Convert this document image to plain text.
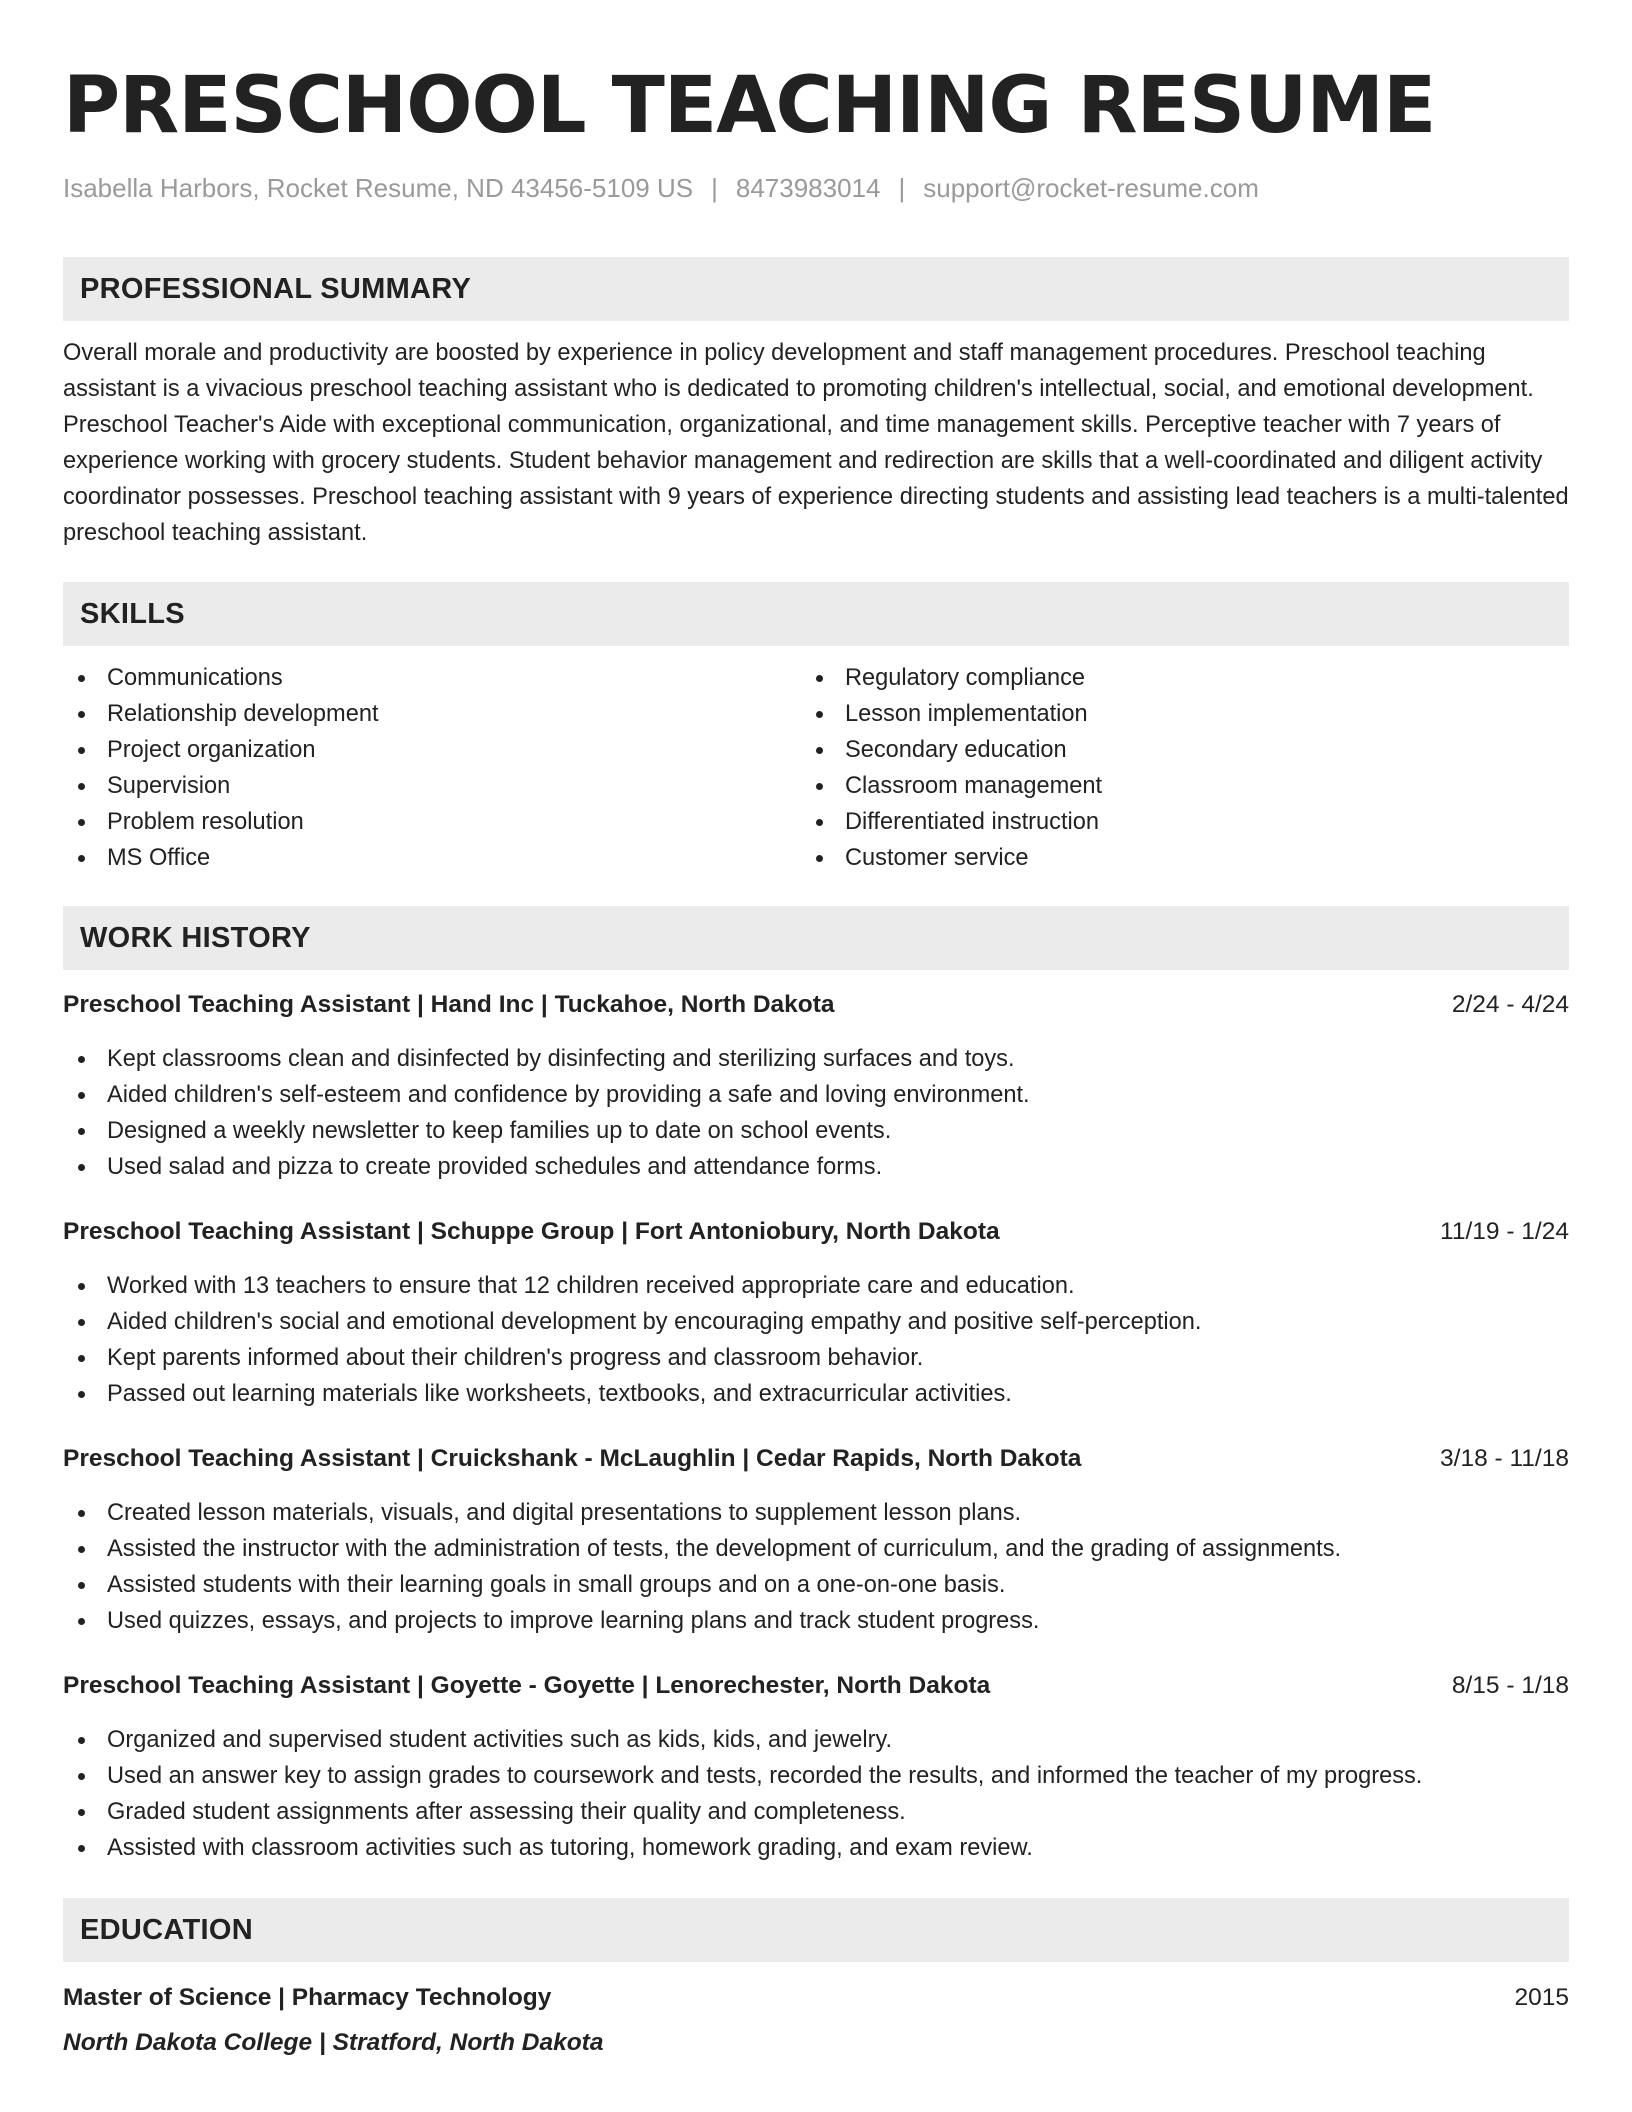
PRESCHOOL TEACHING RESUME
Isabella Harbors, Rocket Resume, ND 43456-5109 US | 8473983014 | support@rocket-resume.com
PROFESSIONAL SUMMARY

Overall morale and productivity are boosted by experience in policy development and staff management procedures. Preschool teaching assistant is a vivacious preschool teaching assistant who is dedicated to promoting children's intellectual, social, and emotional development. Preschool Teacher's Aide with exceptional communication, organizational, and time management skills. Perceptive teacher with 7 years of experience working with grocery students. Student behavior management and redirection are skills that a well-coordinated and diligent activity coordinator possesses. Preschool teaching assistant with 9 years of experience directing students and assisting lead teachers is a multi-talented preschool teaching assistant.

SKILLS
Communications
Relationship development
Project organization
Supervision
Problem resolution
MS Office
Regulatory compliance
Lesson implementation
Secondary education
Classroom management
Differentiated instruction
Customer service
WORK HISTORY
Preschool Teaching Assistant | Hand Inc | Tuckahoe, North Dakota	2/24 - 4/24
Kept classrooms clean and disinfected by disinfecting and sterilizing surfaces and toys.
Aided children's self-esteem and confidence by providing a safe and loving environment.
Designed a weekly newsletter to keep families up to date on school events.
Used salad and pizza to create provided schedules and attendance forms.
Preschool Teaching Assistant | Schuppe Group | Fort Antoniobury, North Dakota	11/19 - 1/24
Worked with 13 teachers to ensure that 12 children received appropriate care and education.
Aided children's social and emotional development by encouraging empathy and positive self-perception.
Kept parents informed about their children's progress and classroom behavior.
Passed out learning materials like worksheets, textbooks, and extracurricular activities.
Preschool Teaching Assistant | Cruickshank - McLaughlin | Cedar Rapids, North Dakota	3/18 - 11/18
Created lesson materials, visuals, and digital presentations to supplement lesson plans.
Assisted the instructor with the administration of tests, the development of curriculum, and the grading of assignments.
Assisted students with their learning goals in small groups and on a one-on-one basis.
Used quizzes, essays, and projects to improve learning plans and track student progress.
Preschool Teaching Assistant | Goyette - Goyette | Lenorechester, North Dakota	8/15 - 1/18
Organized and supervised student activities such as kids, kids, and jewelry.
Used an answer key to assign grades to coursework and tests, recorded the results, and informed the teacher of my progress.
Graded student assignments after assessing their quality and completeness.
Assisted with classroom activities such as tutoring, homework grading, and exam review.
EDUCATION
Master of Science | Pharmacy Technology	2015
North Dakota College | Stratford, North Dakota
